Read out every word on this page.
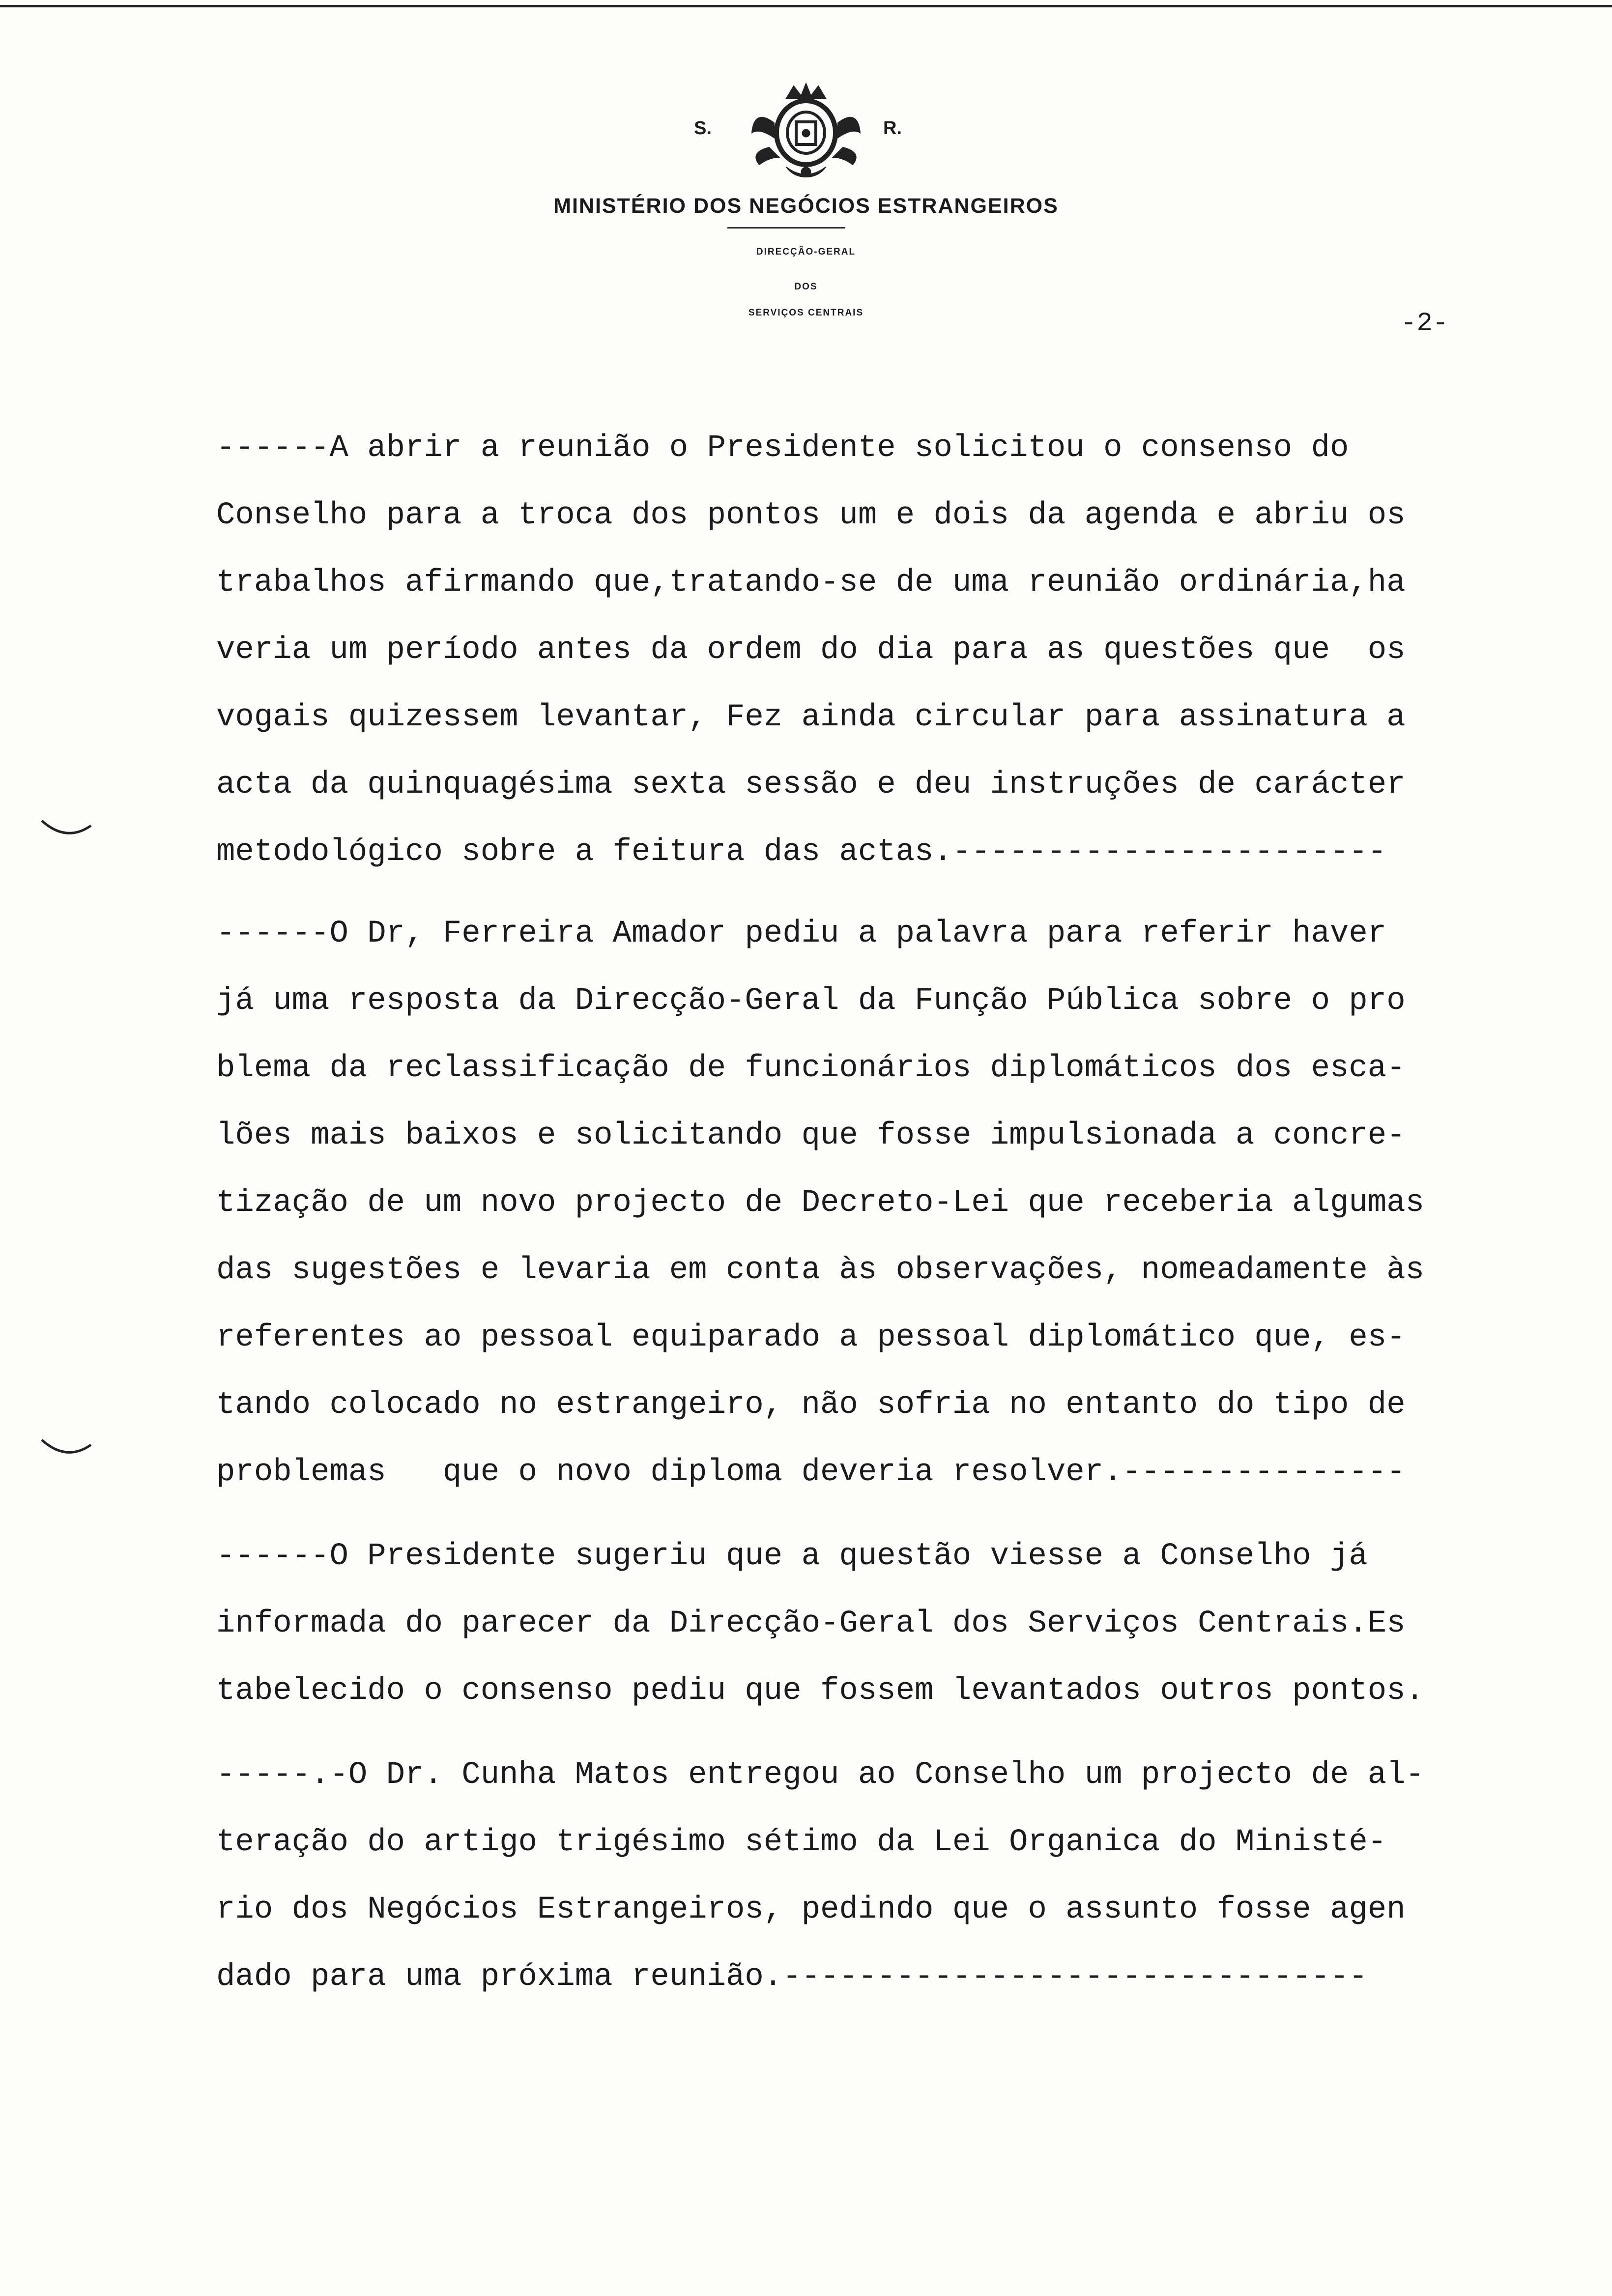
S.	R.
MINISTÉRIO DOS NEGÓCIOS ESTRANGEIROS
DIRECÇÃO-GERAL
DOS
SERVIÇOS CENTRAIS	-2-
------A abrir a reunião o Presidente solicitou o consenso do
Conselho para a troca dos pontos um e dois da agenda e abriu os
trabalhos afirmando que,tratando-se de uma reunião ordinária,ha
veria um período antes da ordem do dia para as questões que  os
vogais quizessem levantar, Fez ainda circular para assinatura a
acta da quinquagésima sexta sessão e deu instruções de carácter
metodológico sobre a feitura das actas.-----------------------
------O Dr, Ferreira Amador pediu a palavra para referir haver
já uma resposta da Direcção-Geral da Função Pública sobre o pro
blema da reclassificação de funcionários diplomáticos dos esca-
lões mais baixos e solicitando que fosse impulsionada a concre-
tização de um novo projecto de Decreto-Lei que receberia algumas
das sugestões e levaria em conta às observações, nomeadamente às
referentes ao pessoal equiparado a pessoal diplomático que, es-
tando colocado no estrangeiro, não sofria no entanto do tipo de
problemas   que o novo diploma deveria resolver.---------------
------O Presidente sugeriu que a questão viesse a Conselho já
informada do parecer da Direcção-Geral dos Serviços Centrais.Es
tabelecido o consenso pediu que fossem levantados outros pontos.
-----.-O Dr. Cunha Matos entregou ao Conselho um projecto de al-
teração do artigo trigésimo sétimo da Lei Organica do Ministé-
rio dos Negócios Estrangeiros, pedindo que o assunto fosse agen
dado para uma próxima reunião.-------------------------------
